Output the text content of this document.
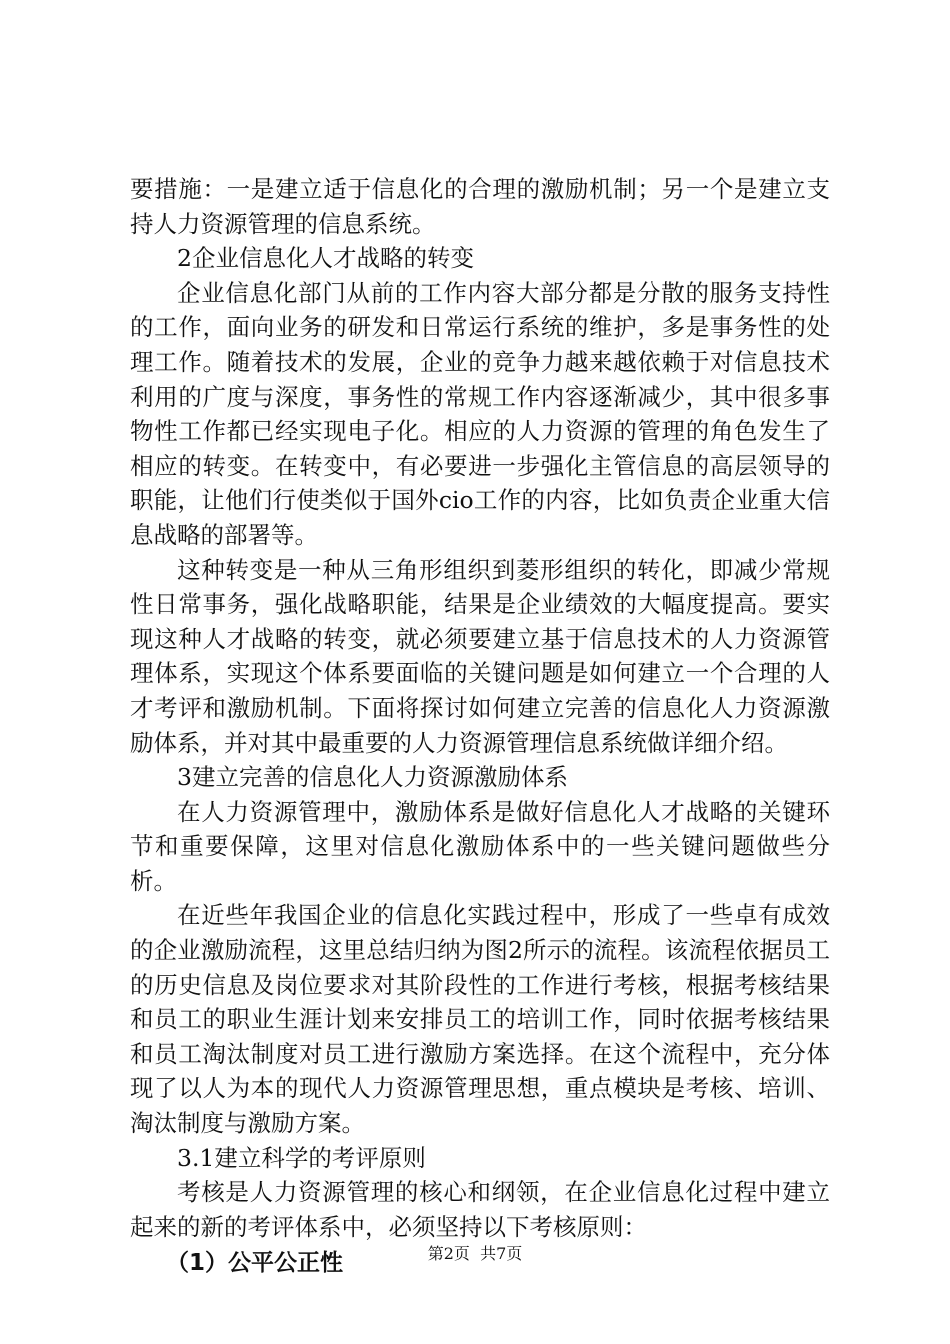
要措施：一是建立适于信息化的合理的激励机制；另一个是建立支持人力资源管理的信息系统。

2企业信息化人才战略的转变

企业信息化部门从前的工作内容大部分都是分散的服务支持性的工作，面向业务的研发和日常运行系统的维护，多是事务性的处理工作。随着技术的发展，企业的竞争力越来越依赖于对信息技术利用的广度与深度，事务性的常规工作内容逐渐减少，其中很多事物性工作都已经实现电子化。相应的人力资源的管理的角色发生了相应的转变。在转变中，有必要进一步强化主管信息的高层领导的职能，让他们行使类似于国外cio工作的内容，比如负责企业重大信息战略的部署等。

这种转变是一种从三角形组织到菱形组织的转化，即减少常规性日常事务，强化战略职能，结果是企业绩效的大幅度提高。要实现这种人才战略的转变，就必须要建立基于信息技术的人力资源管理体系，实现这个体系要面临的关键问题是如何建立一个合理的人才考评和激励机制。下面将探讨如何建立完善的信息化人力资源激励体系，并对其中最重要的人力资源管理信息系统做详细介绍。

3建立完善的信息化人力资源激励体系

在人力资源管理中，激励体系是做好信息化人才战略的关键环节和重要保障，这里对信息化激励体系中的一些关键问题做些分析。

在近些年我国企业的信息化实践过程中，形成了一些卓有成效的企业激励流程，这里总结归纳为图2所示的流程。该流程依据员工的历史信息及岗位要求对其阶段性的工作进行考核，根据考核结果和员工的职业生涯计划来安排员工的培训工作，同时依据考核结果和员工淘汰制度对员工进行激励方案选择。在这个流程中，充分体现了以人为本的现代人力资源管理思想，重点模块是考核、培训、淘汰制度与激励方案。

3.1建立科学的考评原则

考核是人力资源管理的核心和纲领，在企业信息化过程中建立起来的新的考评体系中，必须坚持以下考核原则：

（1）公平公正性	第2页  共7页
